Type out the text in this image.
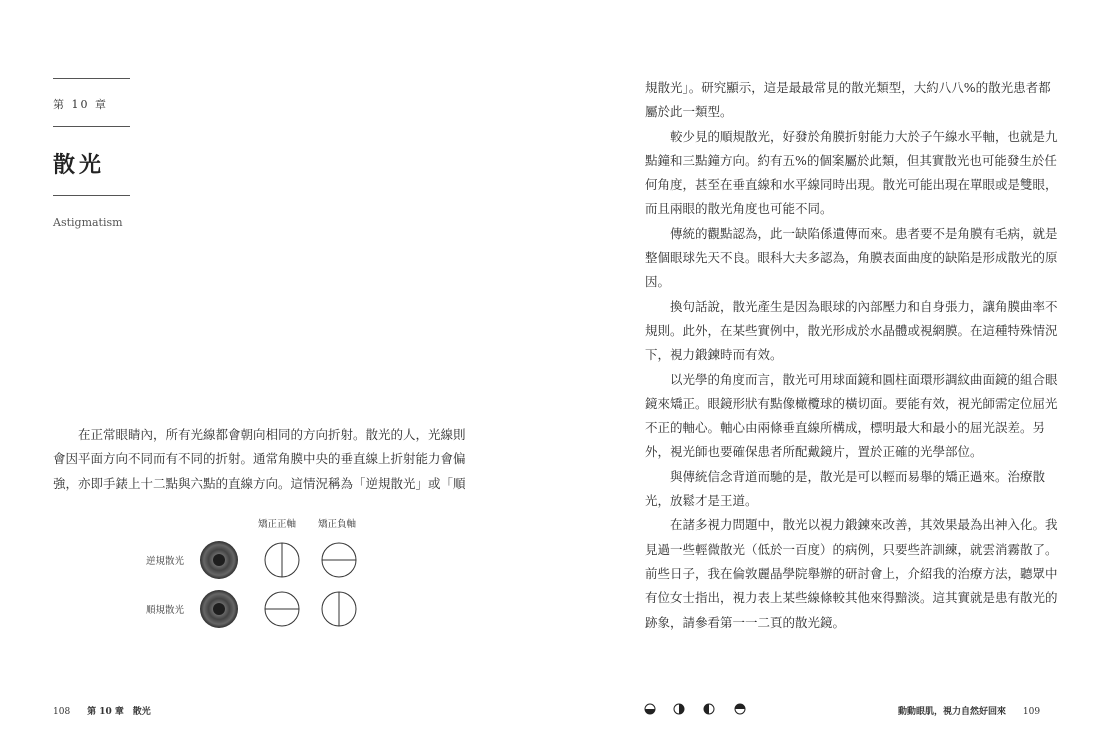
第 10 章
散光
Astigmatism

在正常眼睛內，所有光線都會朝向相同的方向折射。散光的人，光線則會因平面方向不同而有不同的折射。通常角膜中央的垂直線上折射能力會偏強，亦即手錶上十二點與六點的直線方向。這情況稱為「逆規散光」或「順

矯正正軸 矯正負軸
逆規散光
順規散光
108 第 10 章 散光

規散光」。研究顯示，這是最最常見的散光類型，大約八八%的散光患者都屬於此一類型。

較少見的順規散光，好發於角膜折射能力大於子午線水平軸，也就是九點鐘和三點鐘方向。約有五%的個案屬於此類，但其實散光也可能發生於任何角度，甚至在垂直線和水平線同時出現。散光可能出現在單眼或是雙眼，而且兩眼的散光角度也可能不同。

傳統的觀點認為，此一缺陷係遺傳而來。患者要不是角膜有毛病，就是整個眼球先天不良。眼科大夫多認為，角膜表面曲度的缺陷是形成散光的原因。

換句話說，散光產生是因為眼球的內部壓力和自身張力，讓角膜曲率不規則。此外，在某些實例中，散光形成於水晶體或視網膜。在這種特殊情況下，視力鍛鍊時而有效。

以光學的角度而言，散光可用球面鏡和圓柱面環形調紋曲面鏡的組合眼鏡來矯正。眼鏡形狀有點像橄欖球的橫切面。要能有效，視光師需定位屈光不正的軸心。軸心由兩條垂直線所構成，標明最大和最小的屈光誤差。另外，視光師也要確保患者所配戴鏡片，置於正確的光學部位。

與傳統信念背道而馳的是，散光是可以輕而易舉的矯正過來。治療散光，放鬆才是王道。

在諸多視力問題中，散光以視力鍛鍊來改善，其效果最為出神入化。我見過一些輕微散光（低於一百度）的病例，只要些許訓練，就雲消霧散了。前些日子，我在倫敦麗晶學院舉辦的研討會上，介紹我的治療方法，聽眾中有位女士指出，視力表上某些線條較其他來得黯淡。這其實就是患有散光的跡象，請參看第一一二頁的散光鏡。

動動眼肌，視力自然好回來 109
